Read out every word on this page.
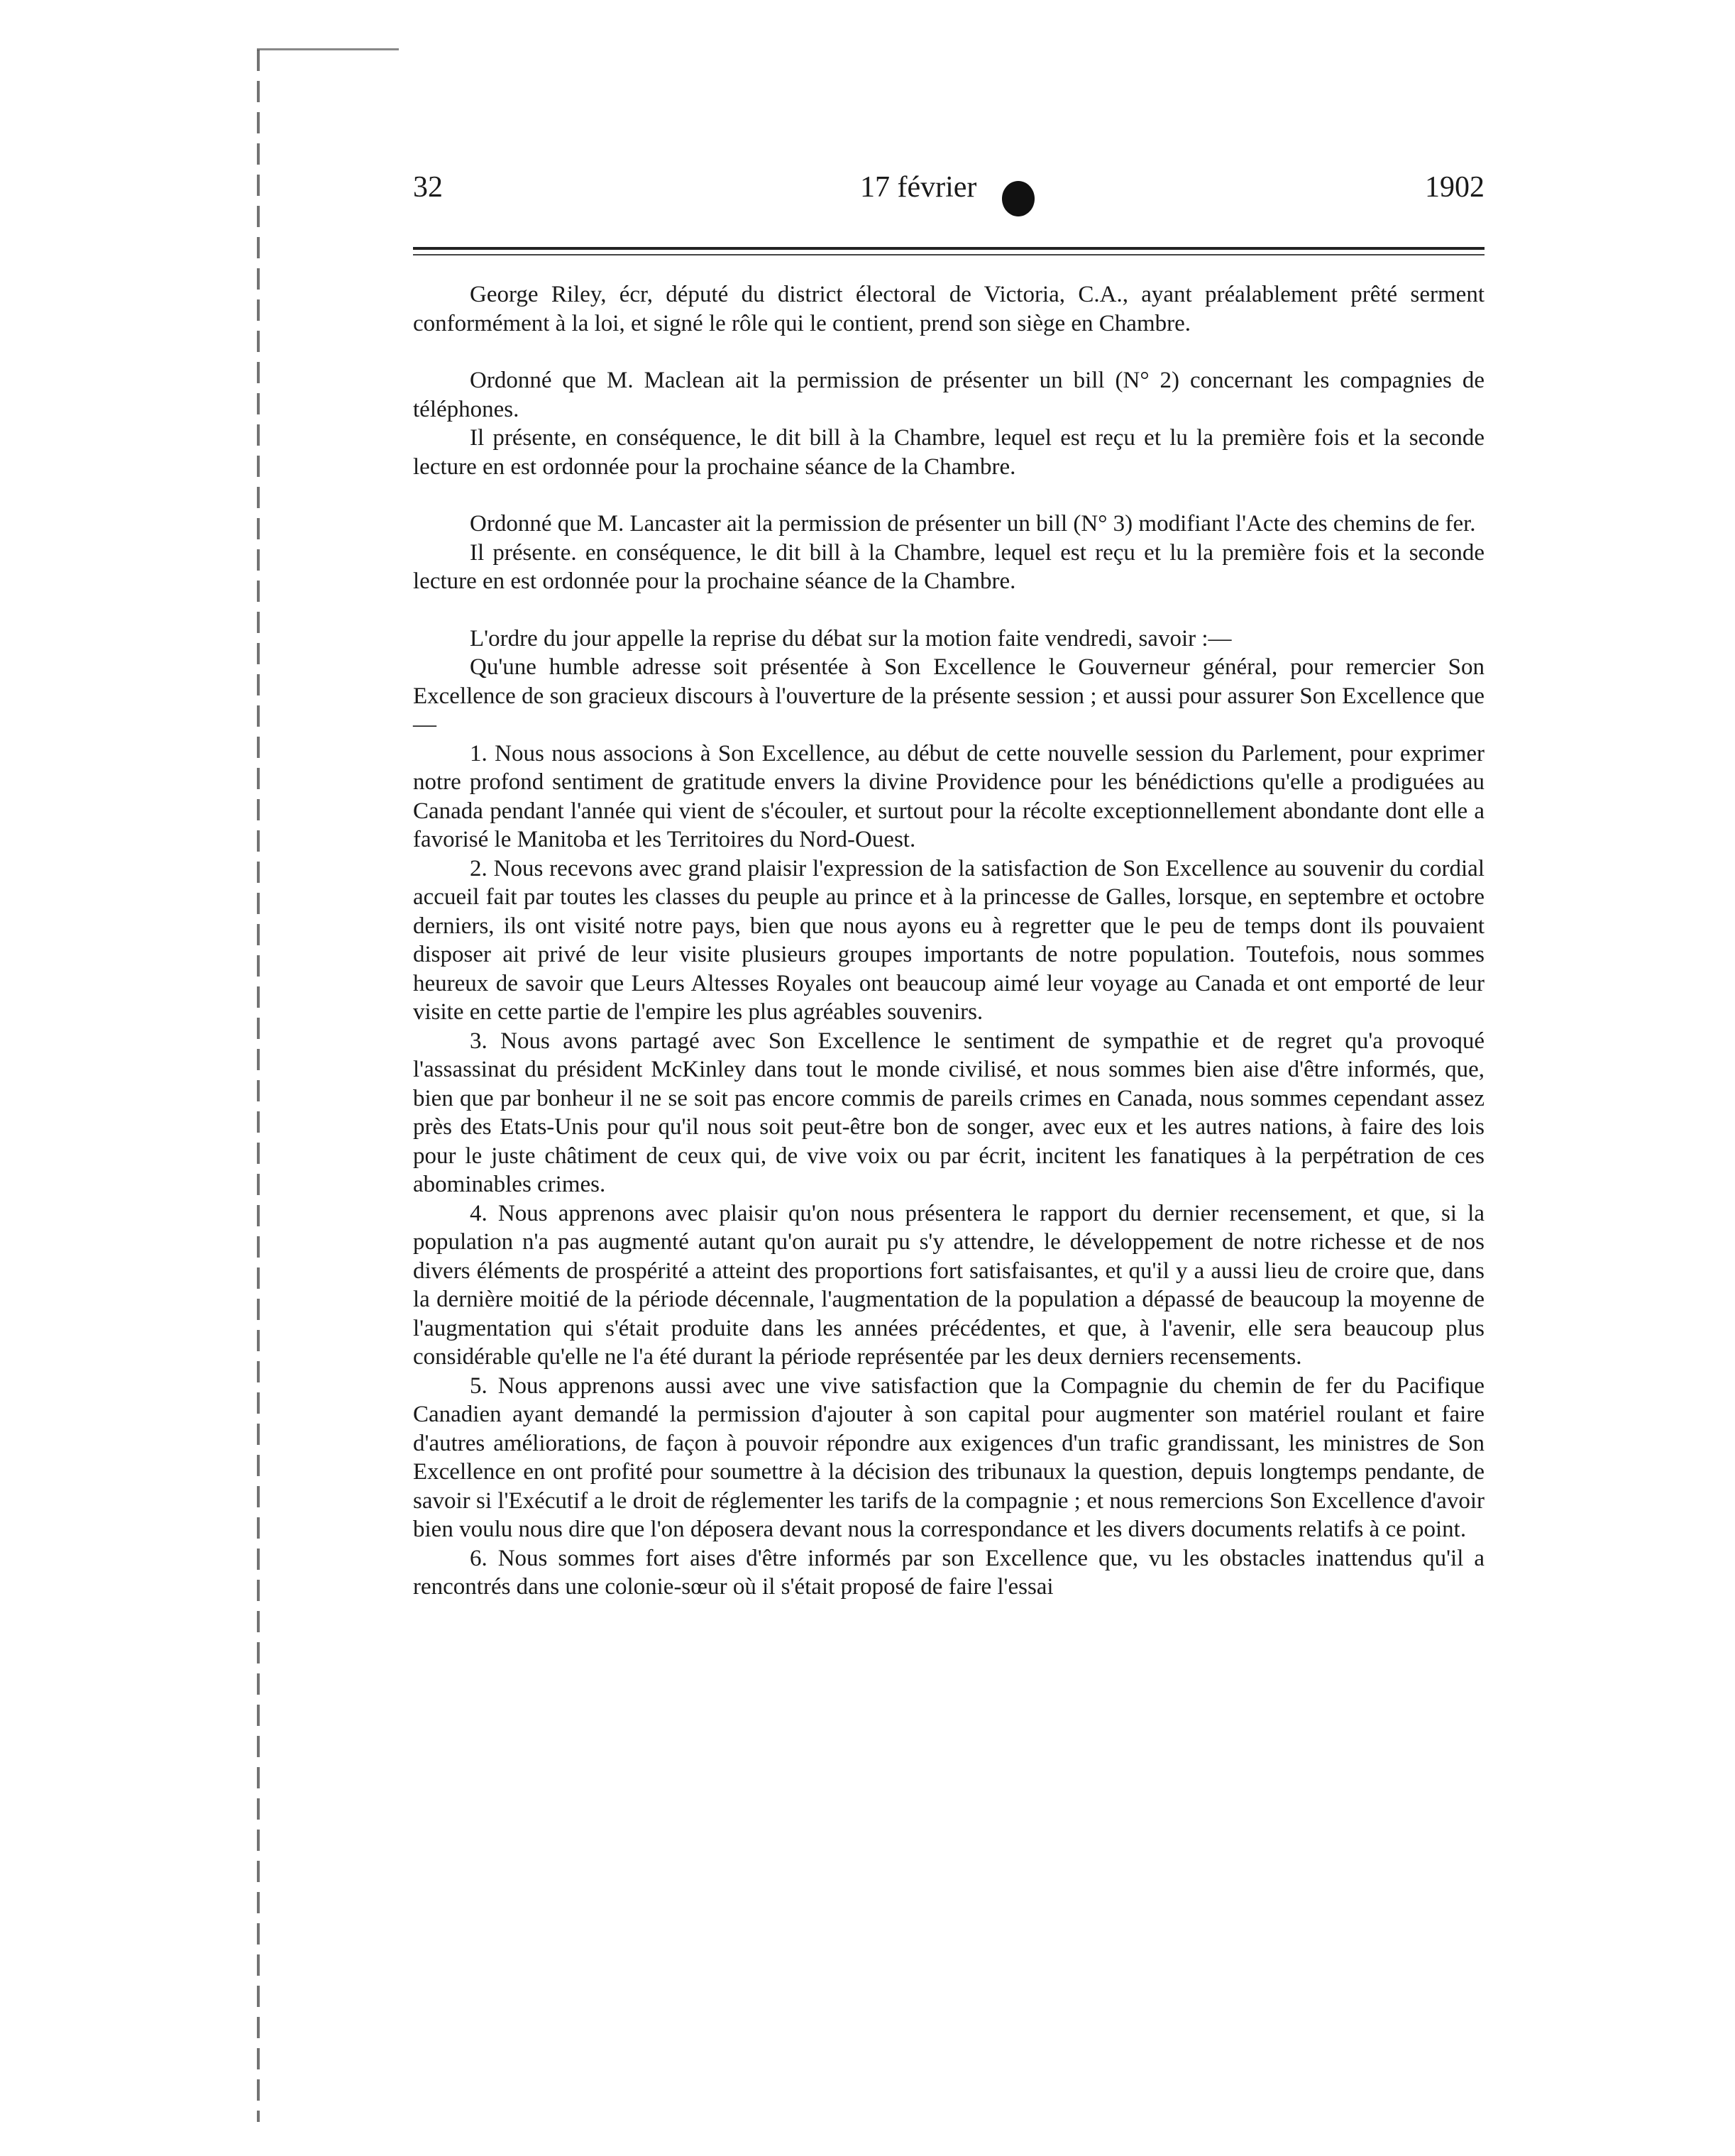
32	17 février	1902

George Riley, écr, député du district électoral de Victoria, C.A., ayant préalablement prêté serment conformément à la loi, et signé le rôle qui le contient, prend son siège en Chambre.

Ordonné que M. Maclean ait la permission de présenter un bill (N° 2) concernant les compagnies de téléphones.

Il présente, en conséquence, le dit bill à la Chambre, lequel est reçu et lu la première fois et la seconde lecture en est ordonnée pour la prochaine séance de la Chambre.

Ordonné que M. Lancaster ait la permission de présenter un bill (N° 3) modifiant l'Acte des chemins de fer.

Il présente. en conséquence, le dit bill à la Chambre, lequel est reçu et lu la première fois et la seconde lecture en est ordonnée pour la prochaine séance de la Chambre.

L'ordre du jour appelle la reprise du débat sur la motion faite vendredi, savoir :—

Qu'une humble adresse soit présentée à Son Excellence le Gouverneur général, pour remercier Son Excellence de son gracieux discours à l'ouverture de la présente session ; et aussi pour assurer Son Excellence que—

1. Nous nous associons à Son Excellence, au début de cette nouvelle session du Parlement, pour exprimer notre profond sentiment de gratitude envers la divine Providence pour les bénédictions qu'elle a prodiguées au Canada pendant l'année qui vient de s'écouler, et surtout pour la récolte exceptionnellement abondante dont elle a favorisé le Manitoba et les Territoires du Nord-Ouest.

2. Nous recevons avec grand plaisir l'expression de la satisfaction de Son Excellence au souvenir du cordial accueil fait par toutes les classes du peuple au prince et à la princesse de Galles, lorsque, en septembre et octobre derniers, ils ont visité notre pays, bien que nous ayons eu à regretter que le peu de temps dont ils pouvaient disposer ait privé de leur visite plusieurs groupes importants de notre population. Toutefois, nous sommes heureux de savoir que Leurs Altesses Royales ont beaucoup aimé leur voyage au Canada et ont emporté de leur visite en cette partie de l'empire les plus agréables souvenirs.

3. Nous avons partagé avec Son Excellence le sentiment de sympathie et de regret qu'a provoqué l'assassinat du président McKinley dans tout le monde civilisé, et nous sommes bien aise d'être informés, que, bien que par bonheur il ne se soit pas encore commis de pareils crimes en Canada, nous sommes cependant assez près des Etats-Unis pour qu'il nous soit peut-être bon de songer, avec eux et les autres nations, à faire des lois pour le juste châtiment de ceux qui, de vive voix ou par écrit, incitent les fanatiques à la perpétration de ces abominables crimes.

4. Nous apprenons avec plaisir qu'on nous présentera le rapport du dernier recensement, et que, si la population n'a pas augmenté autant qu'on aurait pu s'y attendre, le développement de notre richesse et de nos divers éléments de prospérité a atteint des proportions fort satisfaisantes, et qu'il y a aussi lieu de croire que, dans la dernière moitié de la période décennale, l'augmentation de la population a dépassé de beaucoup la moyenne de l'augmentation qui s'était produite dans les années précédentes, et que, à l'avenir, elle sera beaucoup plus considérable qu'elle ne l'a été durant la période représentée par les deux derniers recensements.

5. Nous apprenons aussi avec une vive satisfaction que la Compagnie du chemin de fer du Pacifique Canadien ayant demandé la permission d'ajouter à son capital pour augmenter son matériel roulant et faire d'autres améliorations, de façon à pouvoir répondre aux exigences d'un trafic grandissant, les ministres de Son Excellence en ont profité pour soumettre à la décision des tribunaux la question, depuis longtemps pendante, de savoir si l'Exécutif a le droit de réglementer les tarifs de la compagnie ; et nous remercions Son Excellence d'avoir bien voulu nous dire que l'on déposera devant nous la correspondance et les divers documents relatifs à ce point.

6. Nous sommes fort aises d'être informés par son Excellence que, vu les obstacles inattendus qu'il a rencontrés dans une colonie-sœur où il s'était proposé de faire l'essai
